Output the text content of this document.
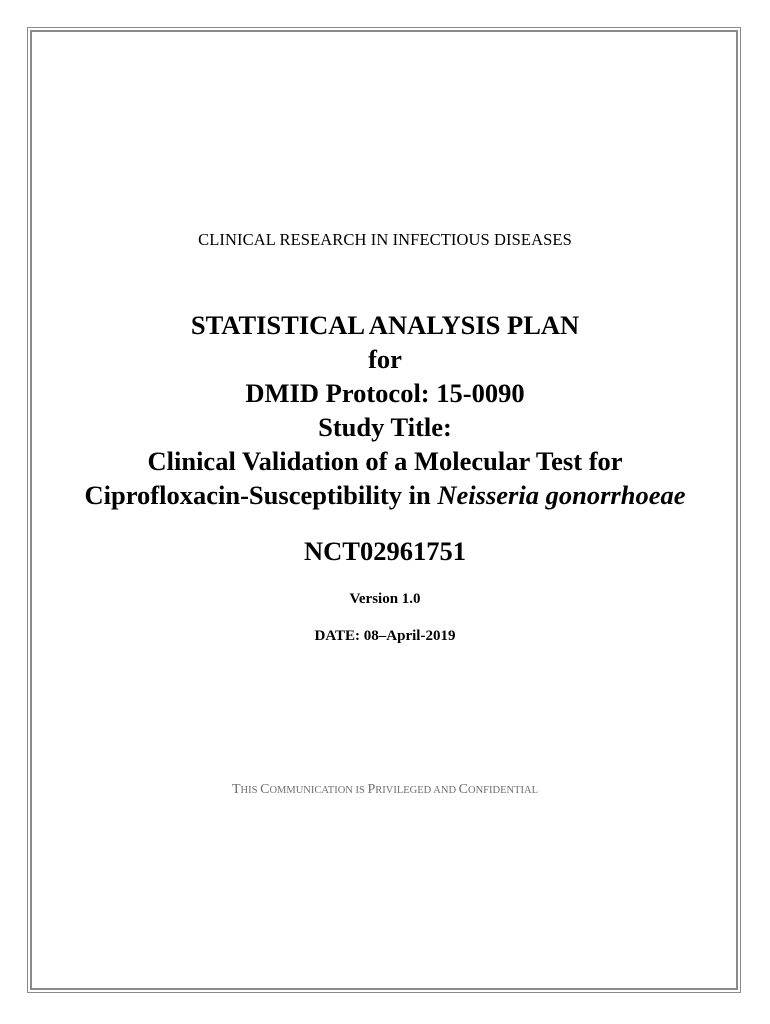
CLINICAL RESEARCH IN INFECTIOUS DISEASES
STATISTICAL ANALYSIS PLAN
for
DMID Protocol: 15-0090
Study Title:
Clinical Validation of a Molecular Test for
Ciprofloxacin-Susceptibility in Neisseria gonorrhoeae
NCT02961751
Version 1.0
DATE: 08–April-2019
THIS COMMUNICATION IS PRIVILEGED AND CONFIDENTIAL
